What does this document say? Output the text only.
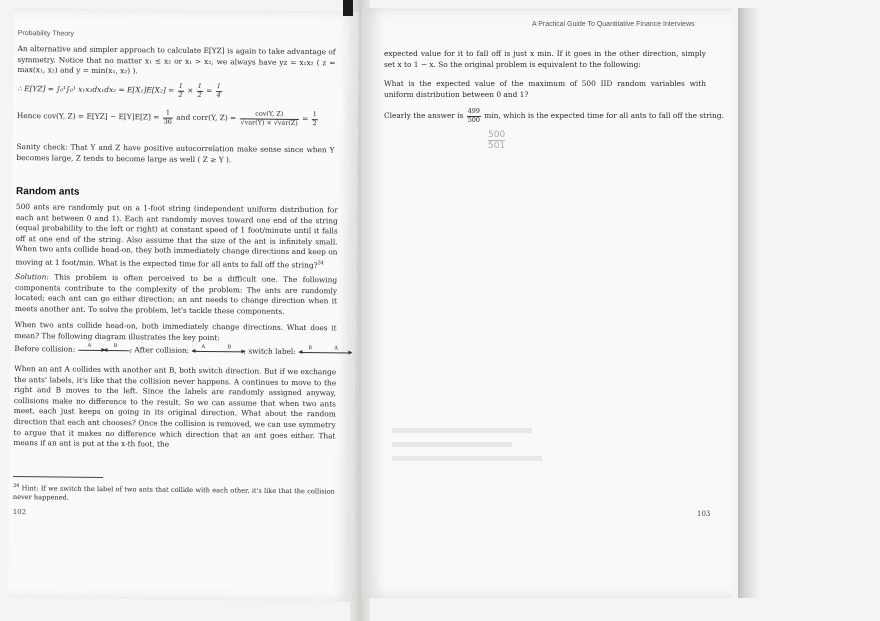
Probability Theory
An alternative and simpler approach to calculate E[YZ] is again to take advantage of symmetry. Notice that no matter x₁ ≤ x₂ or x₁ > x₂, we always have yz = x₁x₂ ( z = max(x₁, x₂) and y = min(x₁, x₂) ).
∴ E[YZ] = ∫₀¹∫₀¹ $x_1x_2dx_1dx_2 = E[X_1]E[X_2] = \frac{1}{2} \times \frac{1}{2} = \frac{1}{4}$
Hence cov(Y, $Z) = E[YZ] - E[Y]E[Z] = \frac{1}{36}$ and corr(Y, $Z) = \frac{\text{cov(Y, Z)}}{\text{√var(Y) × √var(Z)}} = \frac{1}{2}$
Sanity check: That Y and Z have positive autocorrelation make sense since when Y becomes large, Z tends to become large as well ( Z ≥ Y ).
Random ants
500 ants are randomly put on a 1-foot string (independent uniform distribution for each ant between 0 and 1). Each ant randomly moves toward one end of the string (equal probability to the left or right) at constant speed of 1 foot/minute until it falls off at one end of the string. Also assume that the size of the ant is infinitely small. When two ants collide head-on, they both immediately change directions and keep on moving at 1 foot/min. What is the expected time for all ants to fall off the string?$^{34}$
Solution: This problem is often perceived to be a difficult one. The following components contribute to the complexity of the problem: The ants are randomly located; each ant can go either direction; an ant needs to change direction when it meets another ant. To solve the problem, let's tackle these components.
When two ants collide head-on, both immediately change directions. What does it mean? The following diagram illustrates the key point:
Before collision: $^A$	$^B$ ; After collision: $^A$	$^B$ ; switch label: $^B$	$^A$
When an ant A collides with another ant B, both switch direction. But if we exchange the ants' labels, it's like that the collision never happens. A continues to move to the right and B moves to the left. Since the labels are randomly assigned anyway, collisions make no difference to the result. So we can assume that when two ants meet, each just keeps on going in its original direction. What about the random direction that each ant chooses? Once the collision is removed, we can use symmetry to argue that it makes no difference which direction that an ant goes either. That means if an ant is put at the x-th foot, the
$^{34}$ Hint: If we switch the label of two ants that collide with each other, it's like that the collision never happened.
102
A Practical Guide To Quantitative Finance Interviews
expected value for it to fall off is just x min. If it goes in the other direction, simply set x to 1 − x. So the original problem is equivalent to the following:
What is the expected value of the maximum of 500 IID random variables with uniform distribution between 0 and 1?
Clearly the answer is $\frac{499}{500} \min$, which is the expected time for all ants to fall off the string.
500
501
103
